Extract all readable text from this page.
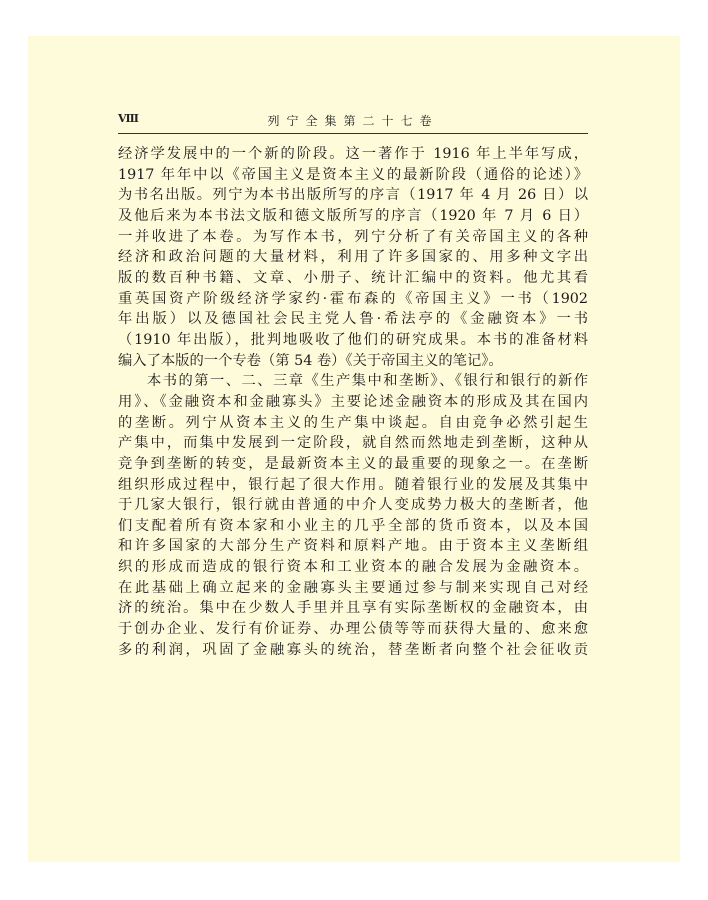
Ⅷ	列宁全集第二十七卷
经济学发展中的一个新的阶段。这一著作于 1916 年上半年写成，
1917 年年中以《帝国主义是资本主义的最新阶段（通俗的论述）》
为书名出版。列宁为本书出版所写的序言（1917 年 4 月 26 日）以
及他后来为本书法文版和德文版所写的序言（1920 年 7 月 6 日）
一并收进了本卷。为写作本书，列宁分析了有关帝国主义的各种
经济和政治问题的大量材料，利用了许多国家的、用多种文字出
版的数百种书籍、文章、小册子、统计汇编中的资料。他尤其看
重英国资产阶级经济学家约·霍布森的《帝国主义》一书（1902
年出版）以及德国社会民主党人鲁·希法亭的《金融资本》一书
（1910 年出版），批判地吸收了他们的研究成果。本书的准备材料
编入了本版的一个专卷（第 54 卷）《关于帝国主义的笔记》。
本书的第一、二、三章《生产集中和垄断》、《银行和银行的新作
用》、《金融资本和金融寡头》主要论述金融资本的形成及其在国内
的垄断。列宁从资本主义的生产集中谈起。自由竞争必然引起生
产集中，而集中发展到一定阶段，就自然而然地走到垄断，这种从
竞争到垄断的转变，是最新资本主义的最重要的现象之一。在垄断
组织形成过程中，银行起了很大作用。随着银行业的发展及其集中
于几家大银行，银行就由普通的中介人变成势力极大的垄断者，他
们支配着所有资本家和小业主的几乎全部的货币资本，以及本国
和许多国家的大部分生产资料和原料产地。由于资本主义垄断组
织的形成而造成的银行资本和工业资本的融合发展为金融资本。
在此基础上确立起来的金融寡头主要通过参与制来实现自己对经
济的统治。集中在少数人手里并且享有实际垄断权的金融资本，由
于创办企业、发行有价证券、办理公债等等而获得大量的、愈来愈
多的利润，巩固了金融寡头的统治，替垄断者向整个社会征收贡
